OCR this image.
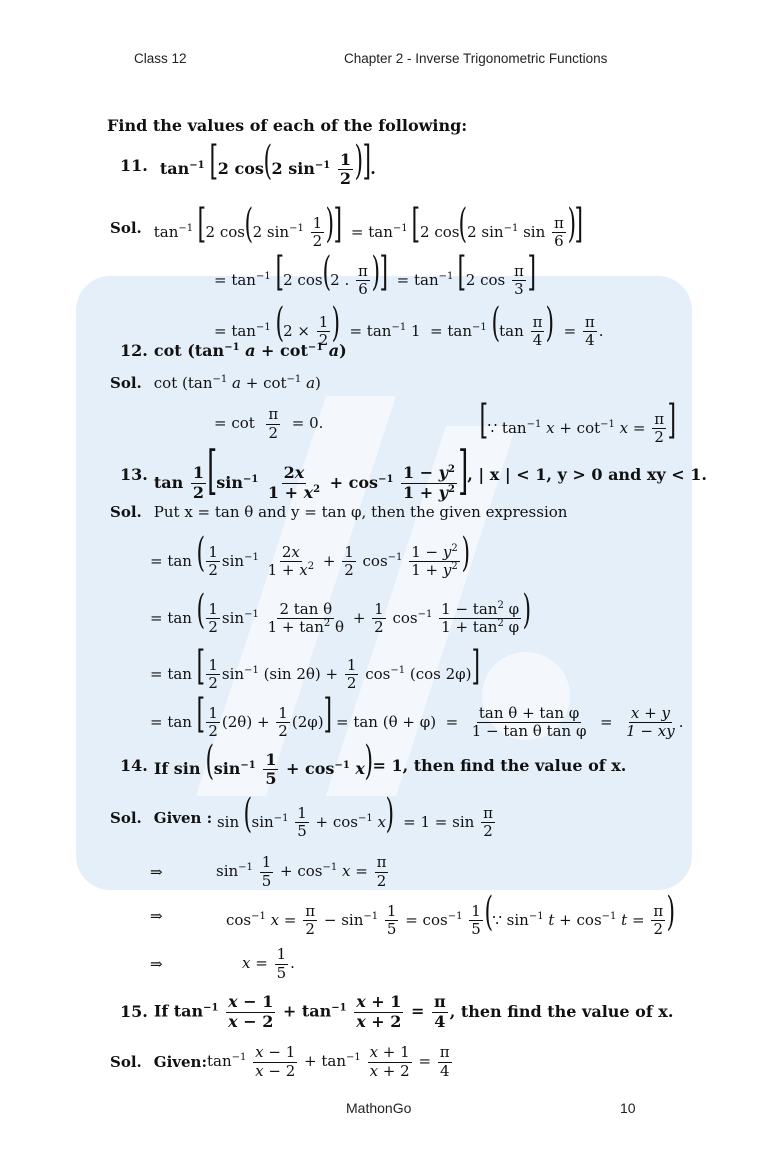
Class 12	Chapter 2 - Inverse Trigonometric Functions
Find the values of each of the following:
11. $\tan^{-1} [2$ cos(2 $\sin^{-1} \frac{1}{2}$ )].
Sol. $\tan^{-1} [2$ cos(2 $\sin^{-1} \frac{1}{2}$ )]  = $\tan^{-1} [2$ cos(2 $\sin^{-1} \sin \frac{\pi}{6}$ )]
= $\tan^{-1} [2$ cos(2 . $\frac{\pi}{6}$ )]  = $\tan^{-1} [2$ $\cos \frac{\pi}{3}$ ]
= $\tan^{-1} (2 \times \frac{1}{2}$ )  = $\tan^{-1} 1 = \tan^{-1} (\tan \frac{\pi}{4}$ )  = $\frac{\pi}{4}$ .
12. $\cot (\tan^{-1}$ $a + \cot^{-1} a$)
Sol. $\cot (\tan^{-1}$ $a + \cot^{-1} a$)
= $\cot \frac{\pi}{2} = 0$.	[∵ $\tan^{-1} x + \cot^{-1} x = \frac{\pi}{2}$ ]
13. $\tan \frac{1}{2} [\sin^{-1} \frac{2x}{1 + x^2} + \cos^{-1} \frac{1 - y^2}{1 + y^2}$ ] , | x | < 1, y > 0 and xy < 1.
Sol. Put x = tan θ and y = tan φ, then the given expression
= tan ( $\frac{1}{2} \sin^{-1} \frac{2x}{1 + x^2} + \frac{1}{2} \cos^{-1} \frac{1 - y^2}{1 + y^2}$ )
= tan ( $\frac{1}{2} \sin^{-1} \frac{\text{2 tan θ}}{1 + \tan^2 \theta} + \frac{1}{2} \cos^{-1} \frac{1 - \tan^2 \varphi}{1 + \tan^2 \varphi}$ )
= tan [ $\frac{1}{2} \sin^{-1} (\sin$ $2\theta) + \frac{1}{2} \cos^{-1} (\cos$ 2φ)]
= tan [ $\frac{1}{2} (2\theta) + \frac{1}{2} (2\varphi)] = \tan (\theta + \varphi) = \frac{\text{tan θ + tan φ}}{\text{1 − tan θ tan φ}} = \frac{x + y}{1 - xy}$ .
14. If $\sin (\sin^{-1} \frac{1}{5} + \cos^{-1} x) = 1$, then find the value of x.
Sol. Given :
$\sin (\sin^{-1} \frac{1}{5} + \cos^{-1} x) = 1 = \sin \frac{\pi}{2}$
⇒	$\sin^{-1} \frac{1}{5} + \cos^{-1} x = \frac{\pi}{2}$
⇒	$\cos^{-1} x = \frac{\pi}{2} - \sin^{-1} \frac{1}{5} = \cos^{-1} \frac{1}{5}$ (∵ $\sin^{-1} t + \cos^{-1} t = \frac{\pi}{2}$ )
⇒	$x = \frac{1}{5}$ .
15. If $\tan^{-1} \frac{x - 1}{x - 2} + \tan^{-1} \frac{x + 1}{x + 2} = \frac{\pi}{4}$ , then find the value of x.
Sol. Given: $\tan^{-1} \frac{x - 1}{x - 2} + \tan^{-1} \frac{x + 1}{x + 2} = \frac{\pi}{4}$
MathonGo	10
